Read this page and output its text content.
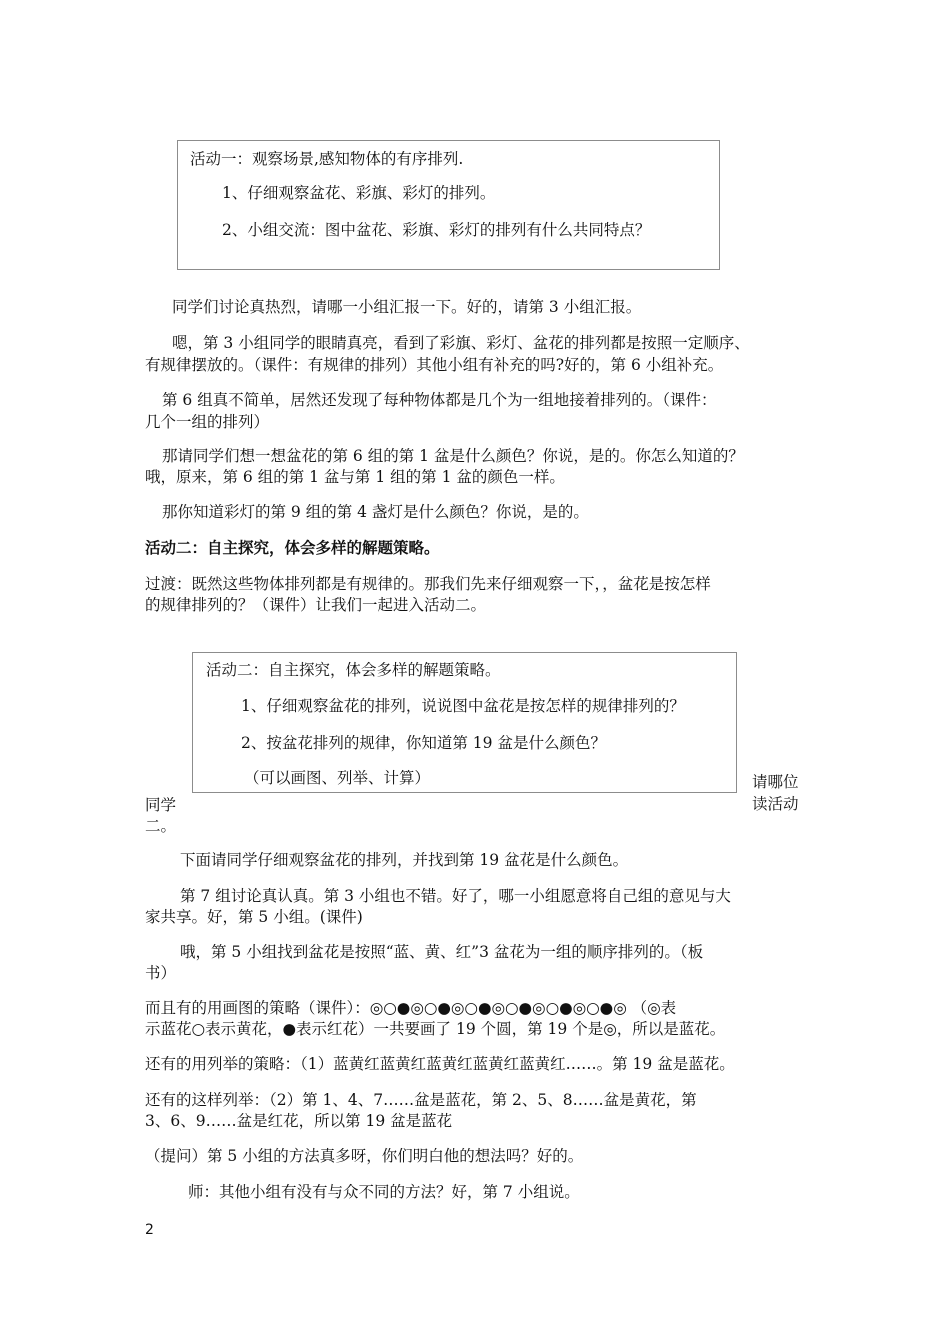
活动一：观察场景,感知物体的有序排列.
1、仔细观察盆花、彩旗、彩灯的排列。
2、小组交流：图中盆花、彩旗、彩灯的排列有什么共同特点？
同学们讨论真热烈，请哪一小组汇报一下。好的，请第 3 小组汇报。
嗯，第 3 小组同学的眼睛真亮，看到了彩旗、彩灯、盆花的排列都是按照一定顺序、
有规律摆放的。（课件：有规律的排列）其他小组有补充的吗?好的，第 6 小组补充。
第 6 组真不简单，居然还发现了每种物体都是几个为一组地接着排列的。（课件：
几个一组的排列）
那请同学们想一想盆花的第 6 组的第 1 盆是什么颜色？你说，是的。你怎么知道的？
哦，原来，第 6 组的第 1 盆与第 1 组的第 1 盆的颜色一样。
那你知道彩灯的第 9 组的第 4 盏灯是什么颜色？你说，是的。
活动二：自主探究，体会多样的解题策略。
过渡：既然这些物体排列都是有规律的。那我们先来仔细观察一下，，盆花是按怎样
的规律排列的？（课件）让我们一起进入活动二。
活动二：自主探究，体会多样的解题策略。
1、仔细观察盆花的排列，说说图中盆花是按怎样的规律排列的？
2、按盆花排列的规律，你知道第 19 盆是什么颜色？
（可以画图、列举、计算）	请哪位读活动
同学
二。
下面请同学仔细观察盆花的排列，并找到第 19 盆花是什么颜色。
第 7 组讨论真认真。第 3 小组也不错。好了，哪一小组愿意将自己组的意见与大
家共享。好，第 5 小组。(课件)
哦，第 5 小组找到盆花是按照“蓝、黄、红”3 盆花为一组的顺序排列的。（板
书）
而且有的用画图的策略（课件）：◎○●◎○●◎○●◎○●◎○●◎○●◎ （◎表
示蓝花○表示黄花，●表示红花）一共要画了 19 个圆，第 19 个是◎，所以是蓝花。
还有的用列举的策略：（1）蓝黄红蓝黄红蓝黄红蓝黄红蓝黄红……。第 19 盆是蓝花。
还有的这样列举：（2）第 1、4、7……盆是蓝花，第 2、5、8……盆是黄花，第
3、6、9……盆是红花，所以第 19 盆是蓝花
（提问）第 5 小组的方法真多呀，你们明白他的想法吗？好的。
师：其他小组有没有与众不同的方法？好，第 7 小组说。
2
